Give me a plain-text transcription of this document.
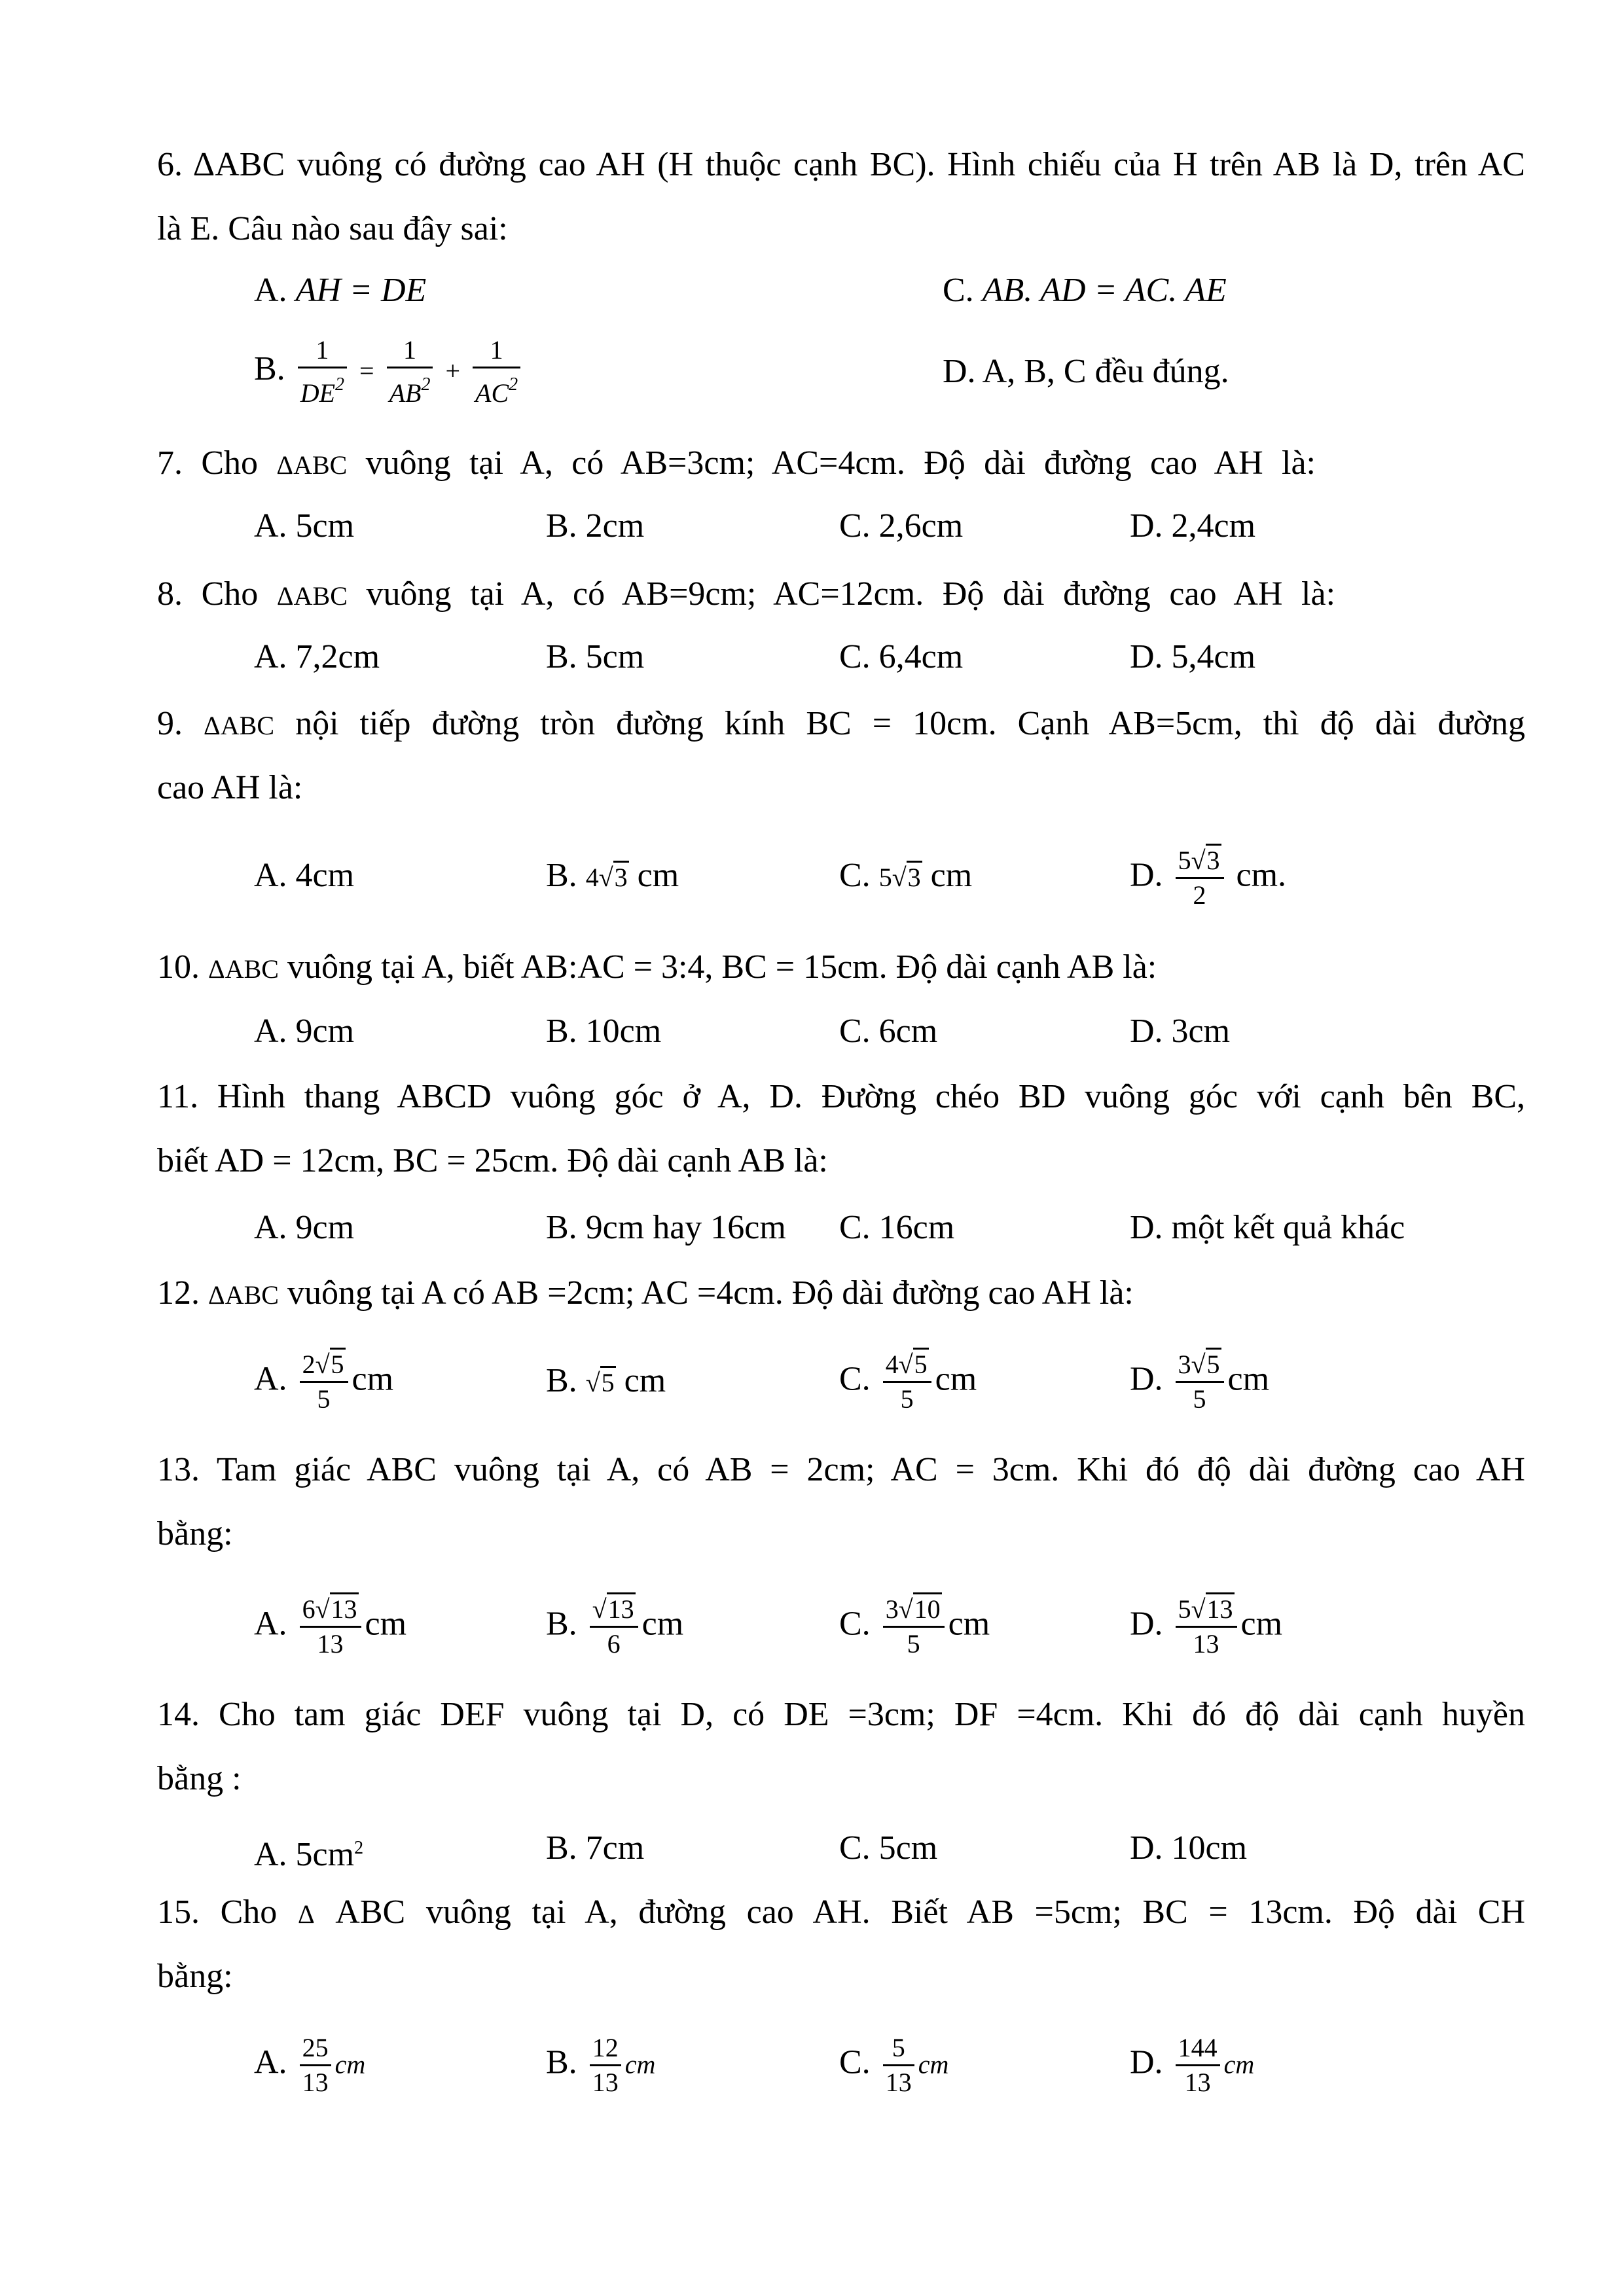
6. ΔABC vuông có đường cao AH (H thuộc cạnh BC). Hình chiếu của H trên AB là D, trên AC
là E. Câu nào sau đây sai:
A. AH = DE	C. AB. AD = AC. AE
B. $\frac{1}{DE^2} = \frac{1}{AB^2} + \frac{1}{AC^2}$	D. A, B, C đều đúng.
7. Cho ΔABC vuông tại A, có AB=3cm; AC=4cm. Độ dài đường cao AH là:
A. 5cm	B. 2cm	C. 2,6cm	D. 2,4cm
8. Cho ΔABC vuông tại A, có AB=9cm; AC=12cm. Độ dài đường cao AH là:
A. 7,2cm	B. 5cm	C. 6,4cm	D. 5,4cm
9. ΔABC nội tiếp đường tròn đường kính BC = 10cm. Cạnh AB=5cm, thì độ dài đường
cao AH là:
A. 4cm	B. 4√3 cm	C. 5√3 cm	D. $\frac{5√3}{2}$ cm.
10. ΔABC vuông tại A, biết AB:AC = 3:4, BC = 15cm. Độ dài cạnh AB là:
A. 9cm	B. 10cm	C. 6cm	D. 3cm
11. Hình thang ABCD vuông góc ở A, D. Đường chéo BD vuông góc với cạnh bên BC,
biết AD = 12cm, BC = 25cm. Độ dài cạnh AB là:
A. 9cm	B. 9cm hay 16cm C. 16cm	D. một kết quả khác
12. ΔABC vuông tại A có AB =2cm; AC =4cm. Độ dài đường cao AH là:
A. $\frac{2√5}{5}$ cm	B. √5 cm	C. $\frac{4√5}{5}$ cm	D. $\frac{3√5}{5}$ cm
13. Tam giác ABC vuông tại A, có AB = 2cm; AC = 3cm. Khi đó độ dài đường cao AH
bằng:
A. $\frac{6√13}{13}$ cm	B. $\frac{√13}{6}$ cm	C. $\frac{3√10}{5}$ cm	D. $\frac{5√13}{13}$ cm
14. Cho tam giác DEF vuông tại D, có DE =3cm; DF =4cm. Khi đó độ dài cạnh huyền
bằng :
A. $5cm^2$	B. 7cm	C. 5cm	D. 10cm
15. Cho Δ ABC vuông tại A, đường cao AH. Biết AB =5cm; BC = 13cm. Độ dài CH
bằng:
A. $\frac{25}{13}$ cm	B. $\frac{12}{13}$ cm	C. $\frac{5}{13}$ cm	D. $\frac{144}{13}$ cm
